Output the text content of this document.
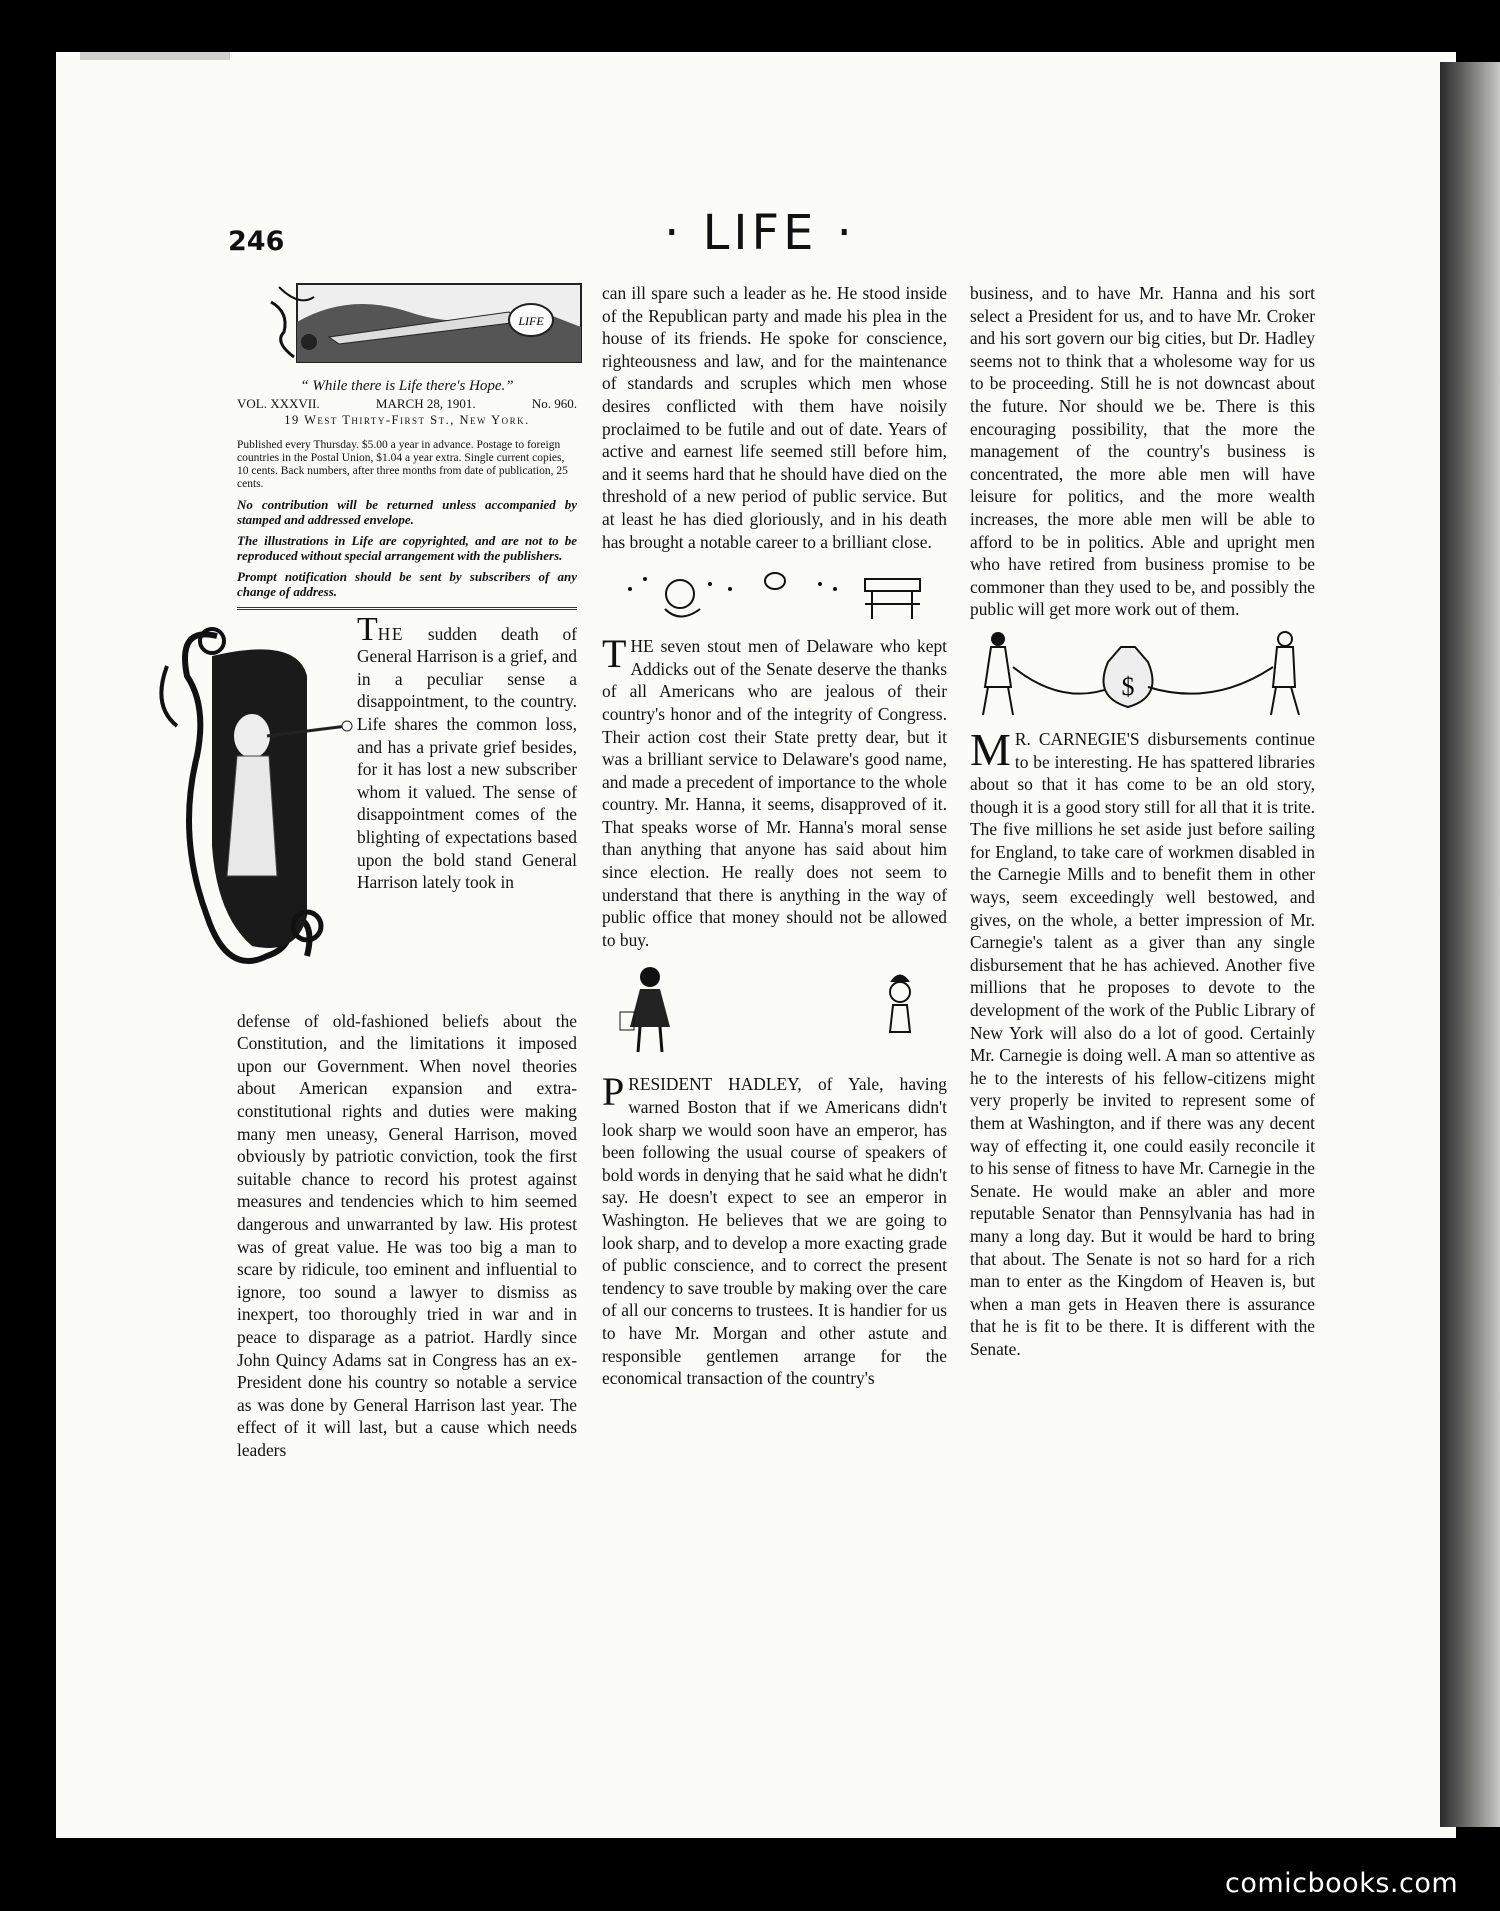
246	· LIFE ·
LIFE
“ While there is Life there's Hope.”
VOL. XXXVII.	MARCH 28, 1901.	No. 960.
19 West Thirty-First St., New York.
Published every Thursday. $5.00 a year in advance. Postage to foreign countries in the Postal Union, $1.04 a year extra. Single current copies, 10 cents. Back numbers, after three months from date of publication, 25 cents.
No contribution will be returned unless accompanied by stamped and addressed envelope.
The illustrations in Life are copyrighted, and are not to be reproduced without special arrangement with the publishers.
Prompt notification should be sent by subscribers of any change of address.

THE sudden death of General Harrison is a grief, and in a peculiar sense a disappointment, to the country. Life shares the common loss, and has a private grief besides, for it has lost a new subscriber whom it valued. The sense of disappointment comes of the blighting of expectations based upon the bold stand General Harrison lately took in

defense of old-fashioned beliefs about the Constitution, and the limitations it imposed upon our Government. When novel theories about American expansion and extra-constitutional rights and duties were making many men uneasy, General Harrison, moved obviously by patriotic conviction, took the first suitable chance to record his protest against measures and tendencies which to him seemed dangerous and unwarranted by law. His protest was of great value. He was too big a man to scare by ridicule, too eminent and influential to ignore, too sound a lawyer to dismiss as inexpert, too thoroughly tried in war and in peace to disparage as a patriot. Hardly since John Quincy Adams sat in Congress has an ex-President done his country so notable a service as was done by General Harrison last year. The effect of it will last, but a cause which needs leaders

can ill spare such a leader as he. He stood inside of the Republican party and made his plea in the house of its friends. He spoke for conscience, righteousness and law, and for the maintenance of standards and scruples which men whose desires conflicted with them have noisily proclaimed to be futile and out of date. Years of active and earnest life seemed still before him, and it seems hard that he should have died on the threshold of a new period of public service. But at least he has died gloriously, and in his death has brought a notable career to a brilliant close.

THE seven stout men of Delaware who kept Addicks out of the Senate deserve the thanks of all Americans who are jealous of their country's honor and of the integrity of Congress. Their action cost their State pretty dear, but it was a brilliant service to Delaware's good name, and made a precedent of importance to the whole country. Mr. Hanna, it seems, disapproved of it. That speaks worse of Mr. Hanna's moral sense than anything that anyone has said about him since election. He really does not seem to understand that there is anything in the way of public office that money should not be allowed to buy.

PRESIDENT HADLEY, of Yale, having warned Boston that if we Americans didn't look sharp we would soon have an emperor, has been following the usual course of speakers of bold words in denying that he said what he didn't say. He doesn't expect to see an emperor in Washington. He believes that we are going to look sharp, and to develop a more exacting grade of public conscience, and to correct the present tendency to save trouble by making over the care of all our concerns to trustees. It is handier for us to have Mr. Morgan and other astute and responsible gentlemen arrange for the economical transaction of the country's

business, and to have Mr. Hanna and his sort select a President for us, and to have Mr. Croker and his sort govern our big cities, but Dr. Hadley seems not to think that a wholesome way for us to be proceeding. Still he is not downcast about the future. Nor should we be. There is this encouraging possibility, that the more the management of the country's business is concentrated, the more able men will have leisure for politics, and the more wealth increases, the more able men will be able to afford to be in politics. Able and upright men who have retired from business promise to be commoner than they used to be, and possibly the public will get more work out of them.

$

M R. CARNEGIE'S disbursements continue to be interesting. He has spattered libraries about so that it has come to be an old story, though it is a good story still for all that it is trite. The five millions he set aside just before sailing for England, to take care of workmen disabled in the Carnegie Mills and to benefit them in other ways, seem exceedingly well bestowed, and gives, on the whole, a better impression of Mr. Carnegie's talent as a giver than any single disbursement that he has achieved. Another five millions that he proposes to devote to the development of the work of the Public Library of New York will also do a lot of good. Certainly Mr. Carnegie is doing well. A man so attentive as he to the interests of his fellow-citizens might very properly be invited to represent some of them at Washington, and if there was any decent way of effecting it, one could easily reconcile it to his sense of fitness to have Mr. Carnegie in the Senate. He would make an abler and more reputable Senator than Pennsylvania has had in many a long day. But it would be hard to bring that about. The Senate is not so hard for a rich man to enter as the Kingdom of Heaven is, but when a man gets in Heaven there is assurance that he is fit to be there. It is different with the Senate.

comicbooks.com
